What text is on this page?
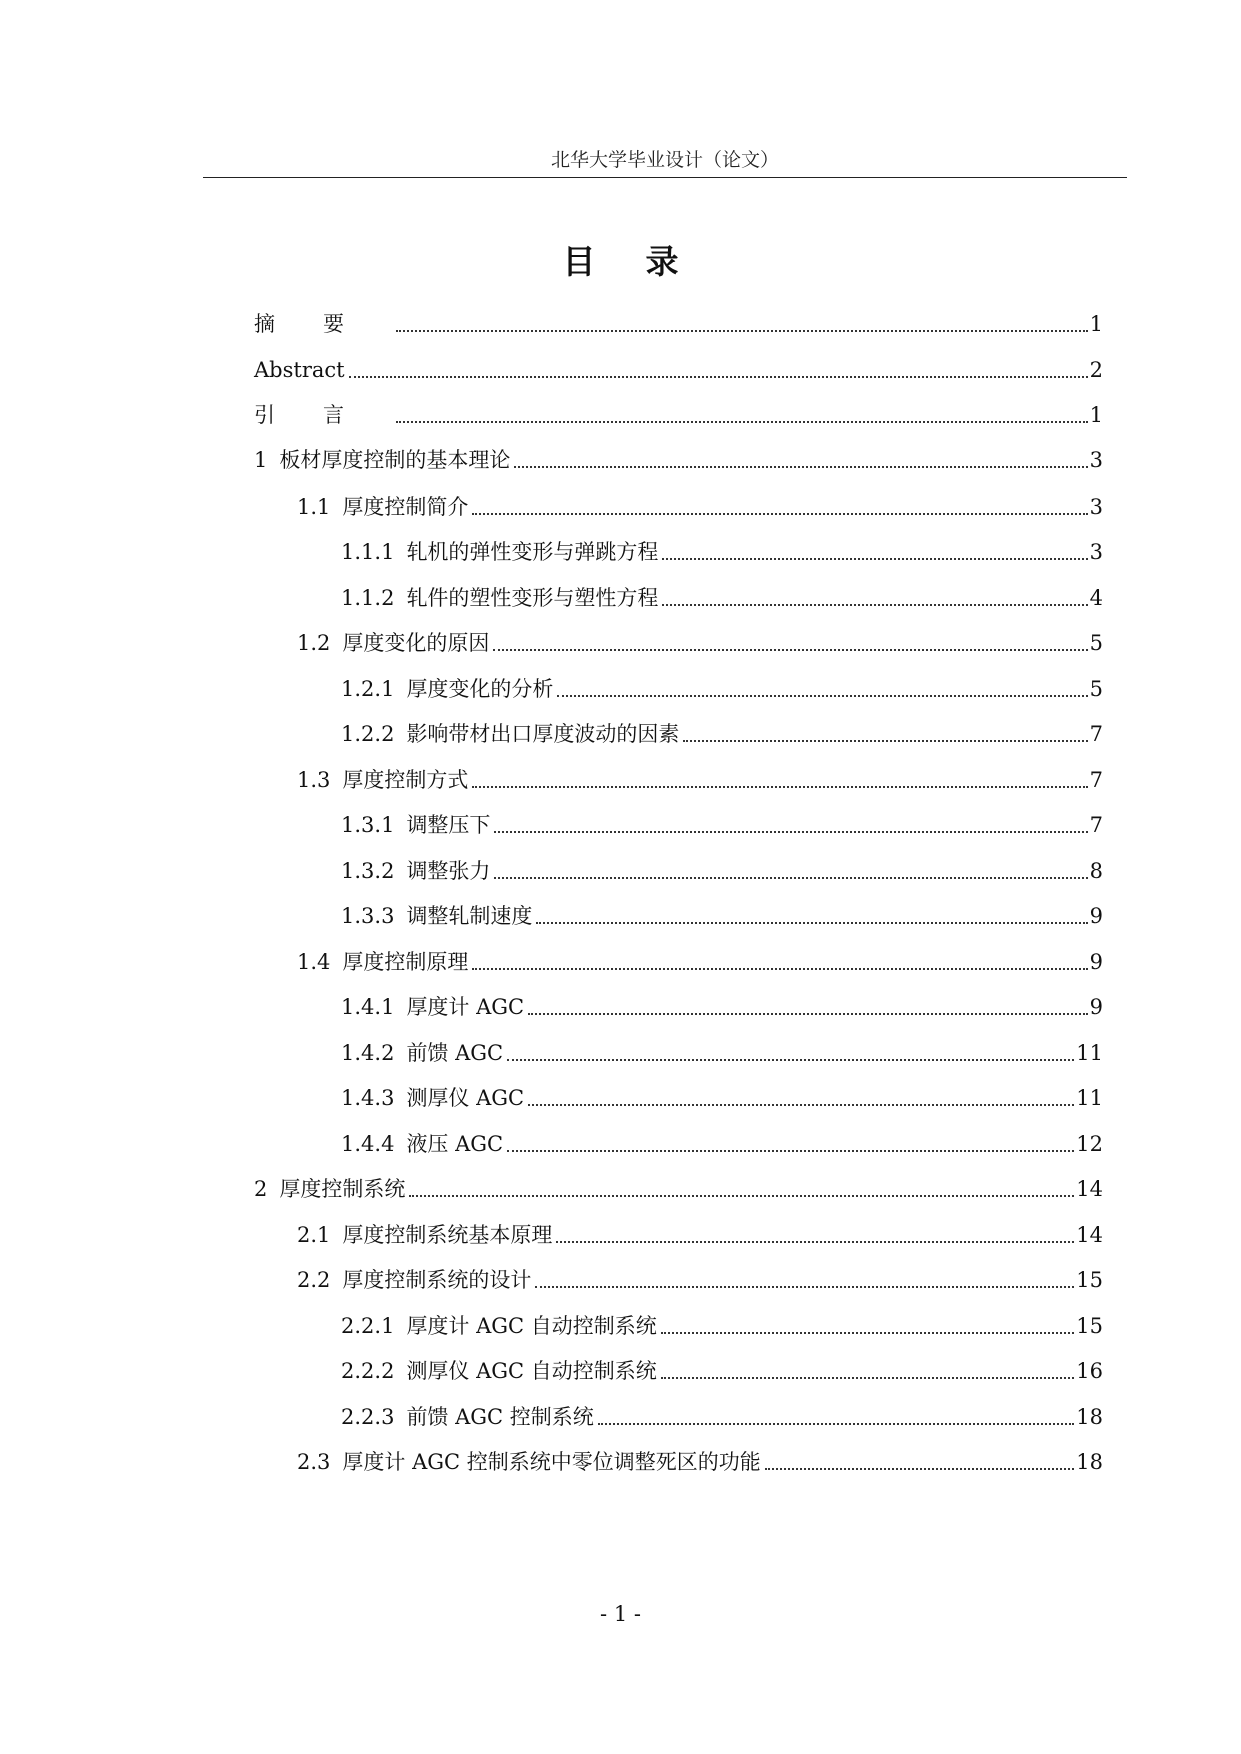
北华大学毕业设计（论文）
目录
摘要	1
Abstract	2
引言	1
1 板材厚度控制的基本理论	3
1.1 厚度控制简介	3
1.1.1 轧机的弹性变形与弹跳方程	3
1.1.2 轧件的塑性变形与塑性方程	4
1.2 厚度变化的原因	5
1.2.1 厚度变化的分析	5
1.2.2 影响带材出口厚度波动的因素	7
1.3 厚度控制方式	7
1.3.1 调整压下	7
1.3.2 调整张力	8
1.3.3 调整轧制速度	9
1.4 厚度控制原理	9
1.4.1 厚度计 AGC	9
1.4.2 前馈 AGC	11
1.4.3 测厚仪 AGC	11
1.4.4 液压 AGC	12
2 厚度控制系统	14
2.1 厚度控制系统基本原理	14
2.2 厚度控制系统的设计	15
2.2.1 厚度计 AGC 自动控制系统	15
2.2.2 测厚仪 AGC 自动控制系统	16
2.2.3 前馈 AGC 控制系统	18
2.3 厚度计 AGC 控制系统中零位调整死区的功能	18
- 1 -
